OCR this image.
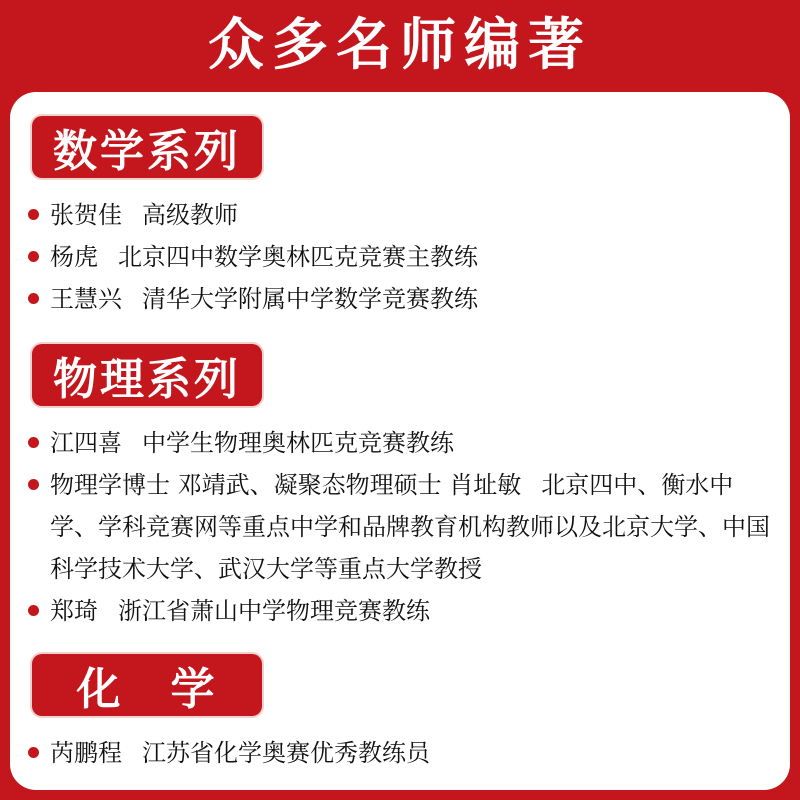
众多名师编著
数学系列
张贺佳 高级教师
杨虎 北京四中数学奥林匹克竞赛主教练
王慧兴 清华大学附属中学数学竞赛教练
物理系列
江四喜 中学生物理奥林匹克竞赛教练
物理学博士 邓靖武、凝聚态物理硕士 肖址敏 北京四中、衡水中学、学科竞赛网等重点中学和品牌教育机构教师以及北京大学、中国科学技术大学、武汉大学等重点大学教授
郑琦 浙江省萧山中学物理竞赛教练
化　学
芮鹏程 江苏省化学奥赛优秀教练员
